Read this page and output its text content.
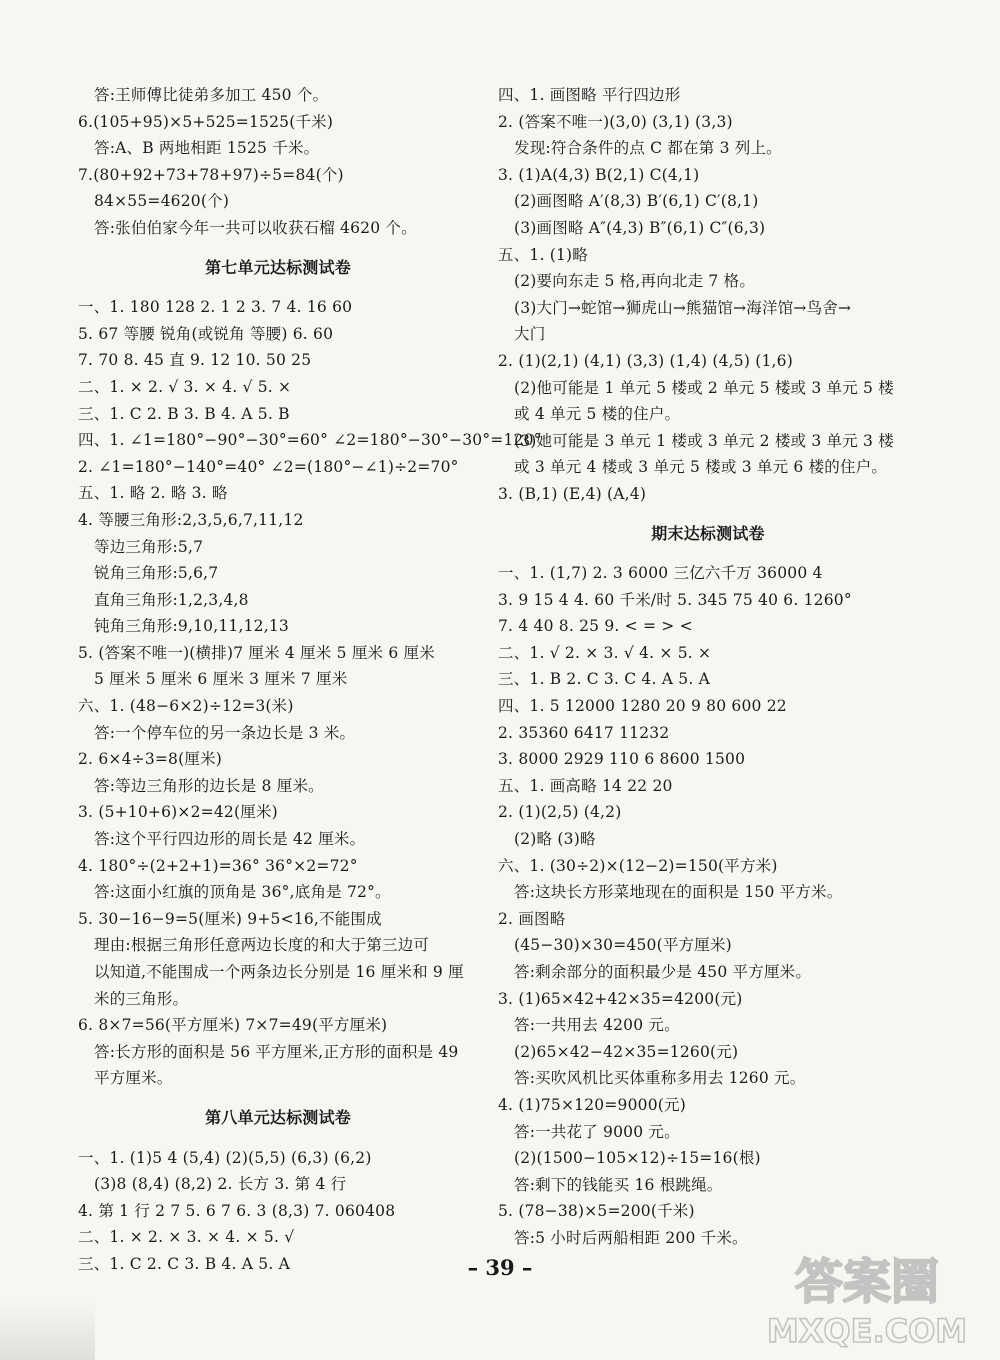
答:王师傅比徒弟多加工 450 个。
6.(105+95)×5+525=1525(千米)
答:A、B 两地相距 1525 千米。
7.(80+92+73+78+97)÷5=84(个)
84×55=4620(个)
答:张伯伯家今年一共可以收获石榴 4620 个。
第七单元达标测试卷
一、1. 180 128 2. 1 2 3. 7 4. 16 60
5. 67 等腰 锐角(或锐角 等腰) 6. 60
7. 70 8. 45 直 9. 12 10. 50 25
二、1. × 2. √ 3. × 4. √ 5. ×
三、1. C 2. B 3. B 4. A 5. B
四、1. ∠1=180°−90°−30°=60° ∠2=180°−30°−30°=120°
2. ∠1=180°−140°=40° ∠2=(180°−∠1)÷2=70°
五、1. 略 2. 略 3. 略
4. 等腰三角形:2,3,5,6,7,11,12
等边三角形:5,7
锐角三角形:5,6,7
直角三角形:1,2,3,4,8
钝角三角形:9,10,11,12,13
5. (答案不唯一)(横排)7 厘米 4 厘米 5 厘米 6 厘米
5 厘米 5 厘米 6 厘米 3 厘米 7 厘米
六、1. (48−6×2)÷12=3(米)
答:一个停车位的另一条边长是 3 米。
2. 6×4÷3=8(厘米)
答:等边三角形的边长是 8 厘米。
3. (5+10+6)×2=42(厘米)
答:这个平行四边形的周长是 42 厘米。
4. 180°÷(2+2+1)=36° 36°×2=72°
答:这面小红旗的顶角是 36°,底角是 72°。
5. 30−16−9=5(厘米) 9+5<16,不能围成
理由:根据三角形任意两边长度的和大于第三边可
以知道,不能围成一个两条边长分别是 16 厘米和 9 厘
米的三角形。
6. 8×7=56(平方厘米) 7×7=49(平方厘米)
答:长方形的面积是 56 平方厘米,正方形的面积是 49
平方厘米。
第八单元达标测试卷
一、1. (1)5 4 (5,4) (2)(5,5) (6,3) (6,2)
(3)8 (8,4) (8,2) 2. 长方 3. 第 4 行
4. 第 1 行 2 7 5. 6 7 6. 3 (8,3) 7. 060408
二、1. × 2. × 3. × 4. × 5. √
三、1. C 2. C 3. B 4. A 5. A
四、1. 画图略 平行四边形
2. (答案不唯一)(3,0) (3,1) (3,3)
发现:符合条件的点 C 都在第 3 列上。
3. (1)A(4,3) B(2,1) C(4,1)
(2)画图略 A′(8,3) B′(6,1) C′(8,1)
(3)画图略 A″(4,3) B″(6,1) C″(6,3)
五、1. (1)略
(2)要向东走 5 格,再向北走 7 格。
(3)大门→蛇馆→狮虎山→熊猫馆→海洋馆→鸟舍→
大门
2. (1)(2,1) (4,1) (3,3) (1,4) (4,5) (1,6)
(2)他可能是 1 单元 5 楼或 2 单元 5 楼或 3 单元 5 楼
或 4 单元 5 楼的住户。
(3)她可能是 3 单元 1 楼或 3 单元 2 楼或 3 单元 3 楼
或 3 单元 4 楼或 3 单元 5 楼或 3 单元 6 楼的住户。
3. (B,1) (E,4) (A,4)
期末达标测试卷
一、1. (1,7) 2. 3 6000 三亿六千万 36000 4
3. 9 15 4 4. 60 千米/时 5. 345 75 40 6. 1260°
7. 4 40 8. 25 9. < = > <
二、1. √ 2. × 3. √ 4. × 5. ×
三、1. B 2. C 3. C 4. A 5. A
四、1. 5 12000 1280 20 9 80 600 22
2. 35360 6417 11232
3. 8000 2929 110 6 8600 1500
五、1. 画高略 14 22 20
2. (1)(2,5) (4,2)
(2)略 (3)略
六、1. (30÷2)×(12−2)=150(平方米)
答:这块长方形菜地现在的面积是 150 平方米。
2. 画图略
(45−30)×30=450(平方厘米)
答:剩余部分的面积最少是 450 平方厘米。
3. (1)65×42+42×35=4200(元)
答:一共用去 4200 元。
(2)65×42−42×35=1260(元)
答:买吹风机比买体重称多用去 1260 元。
4. (1)75×120=9000(元)
答:一共花了 9000 元。
(2)(1500−105×12)÷15=16(根)
答:剩下的钱能买 16 根跳绳。
5. (78−38)×5=200(千米)
答:5 小时后两船相距 200 千米。
– 39 –	答案圈
MXQE.COM
